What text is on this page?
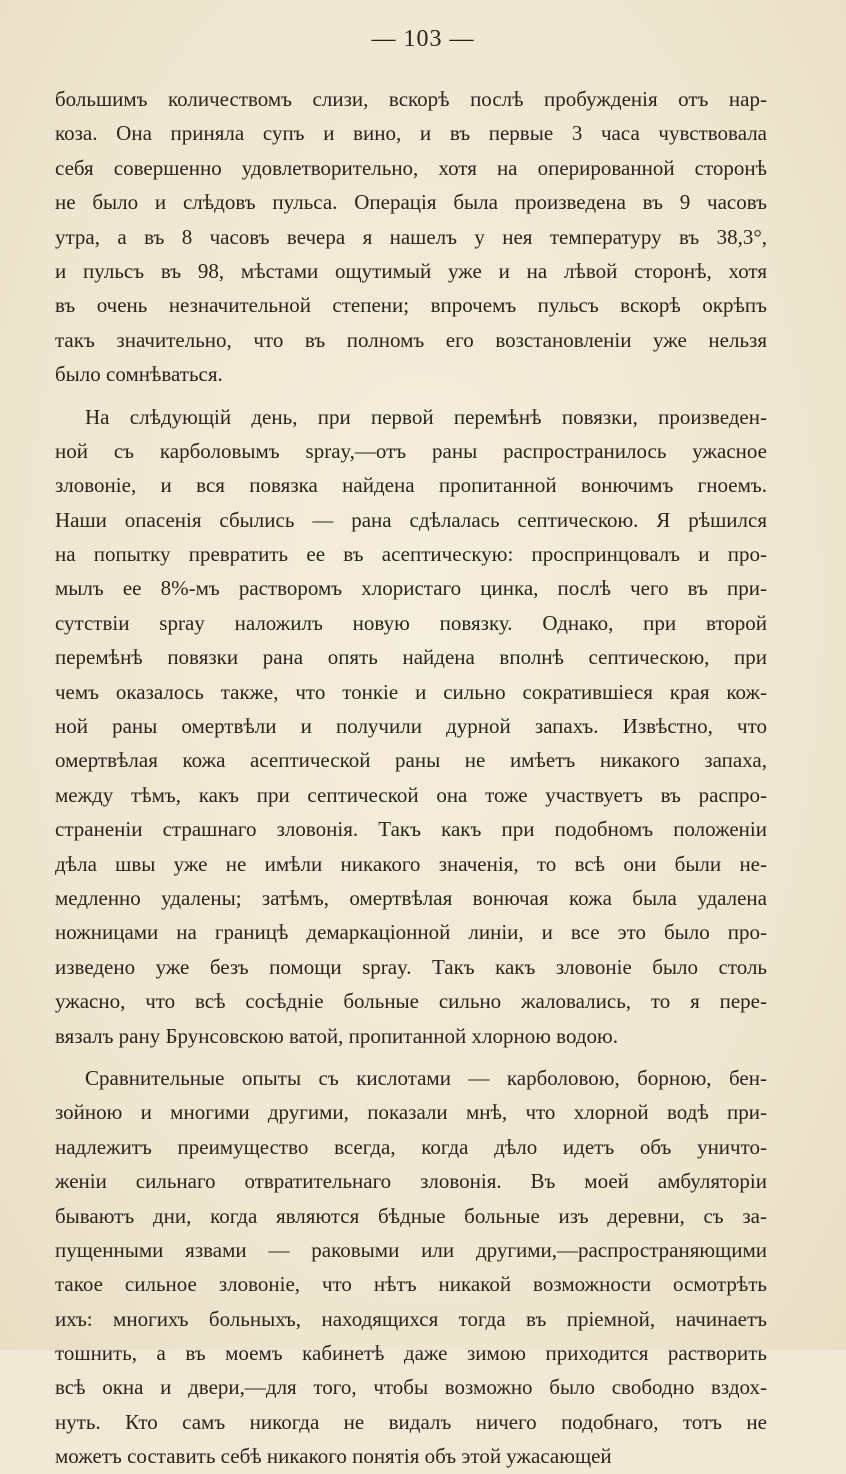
— 103 —
большимъ количествомъ слизи, вскорѣ послѣ пробужденія отъ нар-
коза. Она приняла супъ и вино, и въ первые 3 часа чувствовала
себя совершенно удовлетворительно, хотя на оперированной сторонѣ
не было и слѣдовъ пульса. Операція была произведена въ 9 часовъ
утра, а въ 8 часовъ вечера я нашелъ у нея температуру въ 38,3°,
и пульсъ въ 98, мѣстами ощутимый уже и на лѣвой сторонѣ, хотя
въ очень незначительной степени; впрочемъ пульсъ вскорѣ окрѣпъ
такъ значительно, что въ полномъ его возстановленіи уже нельзя
было сомнѣваться.
На слѣдующій день, при первой перемѣнѣ повязки, произведен-
ной съ карболовымъ spray,—отъ раны распространилось ужасное
зловоніе, и вся повязка найдена пропитанной вонючимъ гноемъ.
Наши опасенія сбылись — рана сдѣлалась септическою. Я рѣшился
на попытку превратить ее въ асептическую: проспринцовалъ и про-
мылъ ее 8%-мъ растворомъ хлористаго цинка, послѣ чего въ при-
сутствіи spray наложилъ новую повязку. Однако, при второй
перемѣнѣ повязки рана опять найдена вполнѣ септическою, при
чемъ оказалось также, что тонкіе и сильно сократившіеся края кож-
ной раны омертвѣли и получили дурной запахъ. Извѣстно, что
омертвѣлая кожа асептической раны не имѣетъ никакого запаха,
между тѣмъ, какъ при септической она тоже участвуетъ въ распро-
страненіи страшнаго зловонія. Такъ какъ при подобномъ положеніи
дѣла швы уже не имѣли никакого значенія, то всѣ они были не-
медленно удалены; затѣмъ, омертвѣлая вонючая кожа была удалена
ножницами на границѣ демаркаціонной линіи, и все это было про-
изведено уже безъ помощи spray. Такъ какъ зловоніе было столь
ужасно, что всѣ сосѣдніе больные сильно жаловались, то я пере-
вязалъ рану Брунсовскою ватой, пропитанной хлорною водою.
Сравнительные опыты съ кислотами — карболовою, борною, бен-
зойною и многими другими, показали мнѣ, что хлорной водѣ при-
надлежитъ преимущество всегда, когда дѣло идетъ объ уничто-
женіи сильнаго отвратительнаго зловонія. Въ моей амбуляторіи
бываютъ дни, когда являются бѣдные больные изъ деревни, съ за-
пущенными язвами — раковыми или другими,—распространяющими
такое сильное зловоніе, что нѣтъ никакой возможности осмотрѣть
ихъ: многихъ больныхъ, находящихся тогда въ пріемной, начинаетъ
тошнить, а въ моемъ кабинетѣ даже зимою приходится растворить
всѣ окна и двери,—для того, чтобы возможно было свободно вздох-
нуть. Кто самъ никогда не видалъ ничего подобнаго, тотъ не
можетъ составить себѣ никакого понятія объ этой ужасающей
